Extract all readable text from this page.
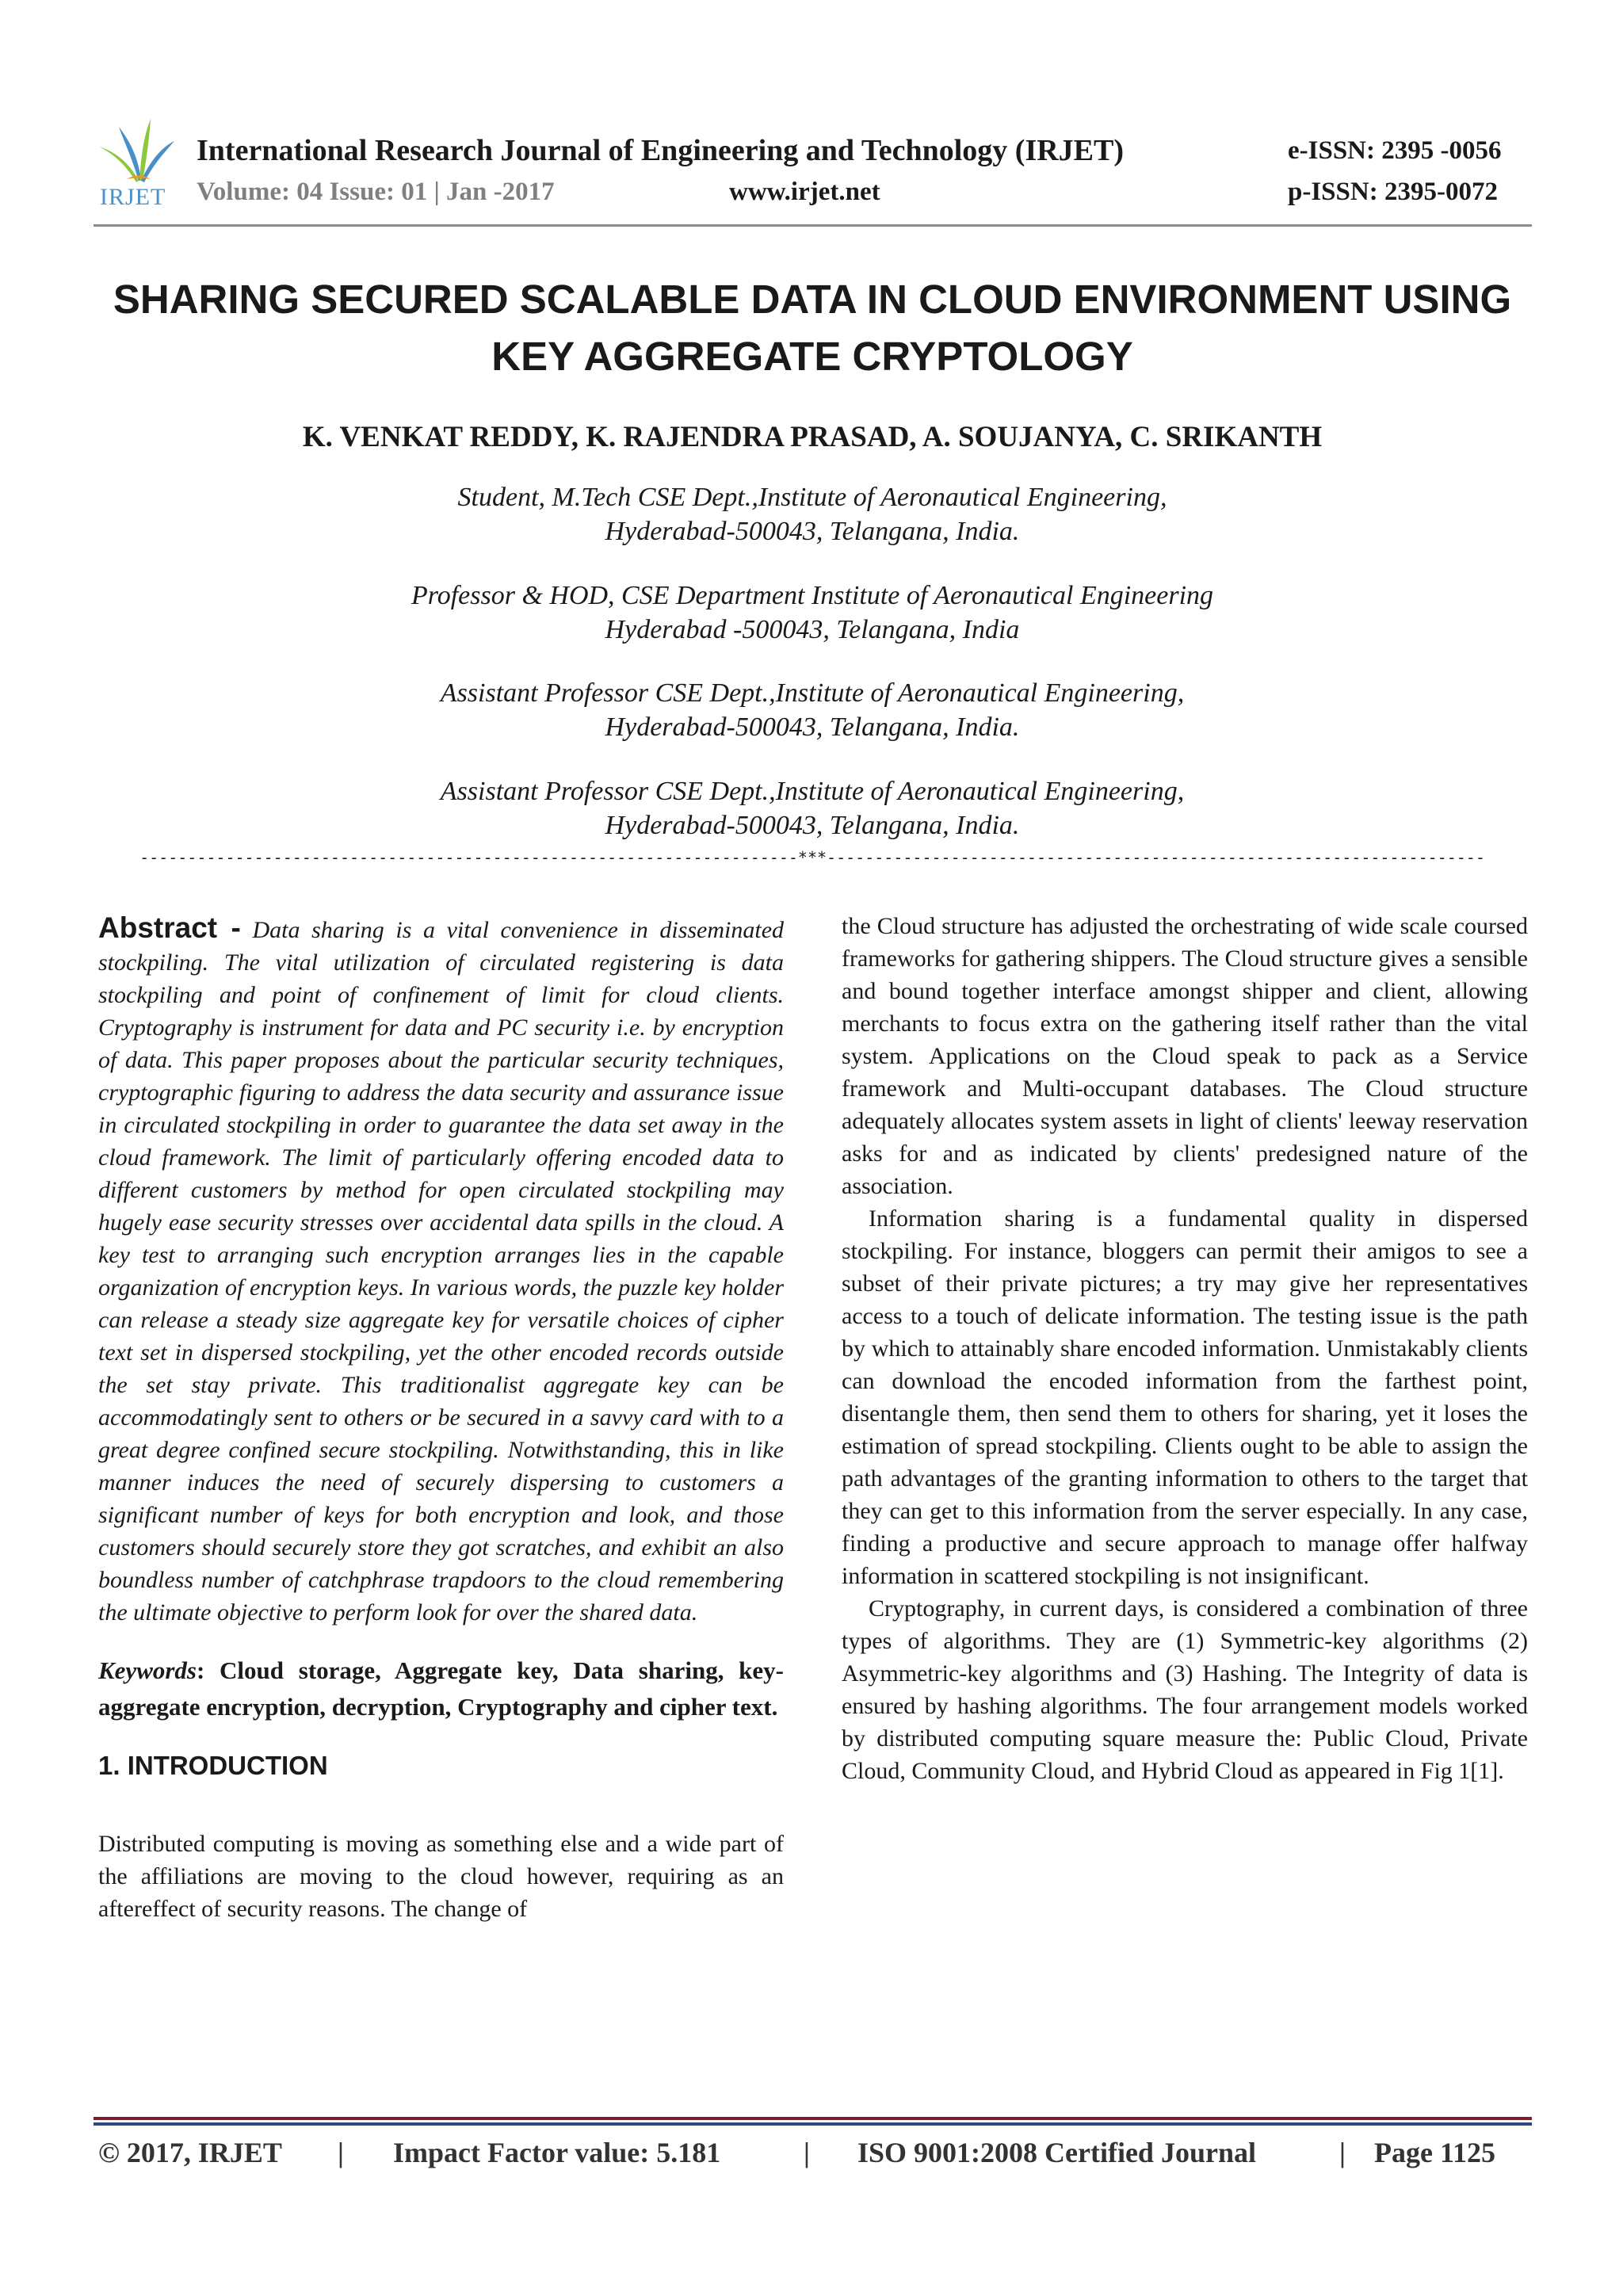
IRJET
International Research Journal of Engineering and Technology (IRJET)	e-ISSN: 2395 -0056
Volume: 04 Issue: 01 | Jan -2017	www.irjet.net	p-ISSN: 2395-0072
SHARING SECURED SCALABLE DATA IN CLOUD ENVIRONMENT USING
KEY AGGREGATE CRYPTOLOGY
K. VENKAT REDDY, K. RAJENDRA PRASAD, A. SOUJANYA, C. SRIKANTH
Student, M.Tech CSE Dept.,Institute of Aeronautical Engineering,
Hyderabad-500043, Telangana, India.
Professor & HOD, CSE Department Institute of Aeronautical Engineering
Hyderabad -500043, Telangana, India
Assistant Professor CSE Dept.,Institute of Aeronautical Engineering,
Hyderabad-500043, Telangana, India.
Assistant Professor CSE Dept.,Institute of Aeronautical Engineering,
Hyderabad-500043, Telangana, India.
---------------------------------------------------------------------***---------------------------------------------------------------------

Abstract - Data sharing is a vital convenience in disseminated stockpiling. The vital utilization of circulated registering is data stockpiling and point of confinement of limit for cloud clients. Cryptography is instrument for data and PC security i.e. by encryption of data. This paper proposes about the particular security techniques, cryptographic figuring to address the data security and assurance issue in circulated stockpiling in order to guarantee the data set away in the cloud framework. The limit of particularly offering encoded data to different customers by method for open circulated stockpiling may hugely ease security stresses over accidental data spills in the cloud. A key test to arranging such encryption arranges lies in the capable organization of encryption keys. In various words, the puzzle key holder can release a steady size aggregate key for versatile choices of cipher text set in dispersed stockpiling, yet the other encoded records outside the set stay private. This traditionalist aggregate key can be accommodatingly sent to others or be secured in a savvy card with to a great degree confined secure stockpiling. Notwithstanding, this in like manner induces the need of securely dispersing to customers a significant number of keys for both encryption and look, and those customers should securely store they got scratches, and exhibit an also boundless number of catchphrase trapdoors to the cloud remembering the ultimate objective to perform look for over the shared data.

Keywords: Cloud storage, Aggregate key, Data sharing, key-aggregate encryption, decryption, Cryptography and cipher text.

1. INTRODUCTION

Distributed computing is moving as something else and a wide part of the affiliations are moving to the cloud however, requiring as an aftereffect of security reasons. The change of

the Cloud structure has adjusted the orchestrating of wide scale coursed frameworks for gathering shippers. The Cloud structure gives a sensible and bound together interface amongst shipper and client, allowing merchants to focus extra on the gathering itself rather than the vital system. Applications on the Cloud speak to pack as a Service framework and Multi-occupant databases. The Cloud structure adequately allocates system assets in light of clients' leeway reservation asks for and as indicated by clients' predesigned nature of the association.

Information sharing is a fundamental quality in dispersed stockpiling. For instance, bloggers can permit their amigos to see a subset of their private pictures; a try may give her representatives access to a touch of delicate information. The testing issue is the path by which to attainably share encoded information. Unmistakably clients can download the encoded information from the farthest point, disentangle them, then send them to others for sharing, yet it loses the estimation of spread stockpiling. Clients ought to be able to assign the path advantages of the granting information to others to the target that they can get to this information from the server especially. In any case, finding a productive and secure approach to manage offer halfway information in scattered stockpiling is not insignificant.

Cryptography, in current days, is considered a combination of three types of algorithms. They are (1) Symmetric-key algorithms (2) Asymmetric-key algorithms and (3) Hashing. The Integrity of data is ensured by hashing algorithms. The four arrangement models worked by distributed computing square measure the: Public Cloud, Private Cloud, Community Cloud, and Hybrid Cloud as appeared in Fig 1[1].

© 2017, IRJET | Impact Factor value: 5.181	| ISO 9001:2008 Certified Journal	| Page 1125
